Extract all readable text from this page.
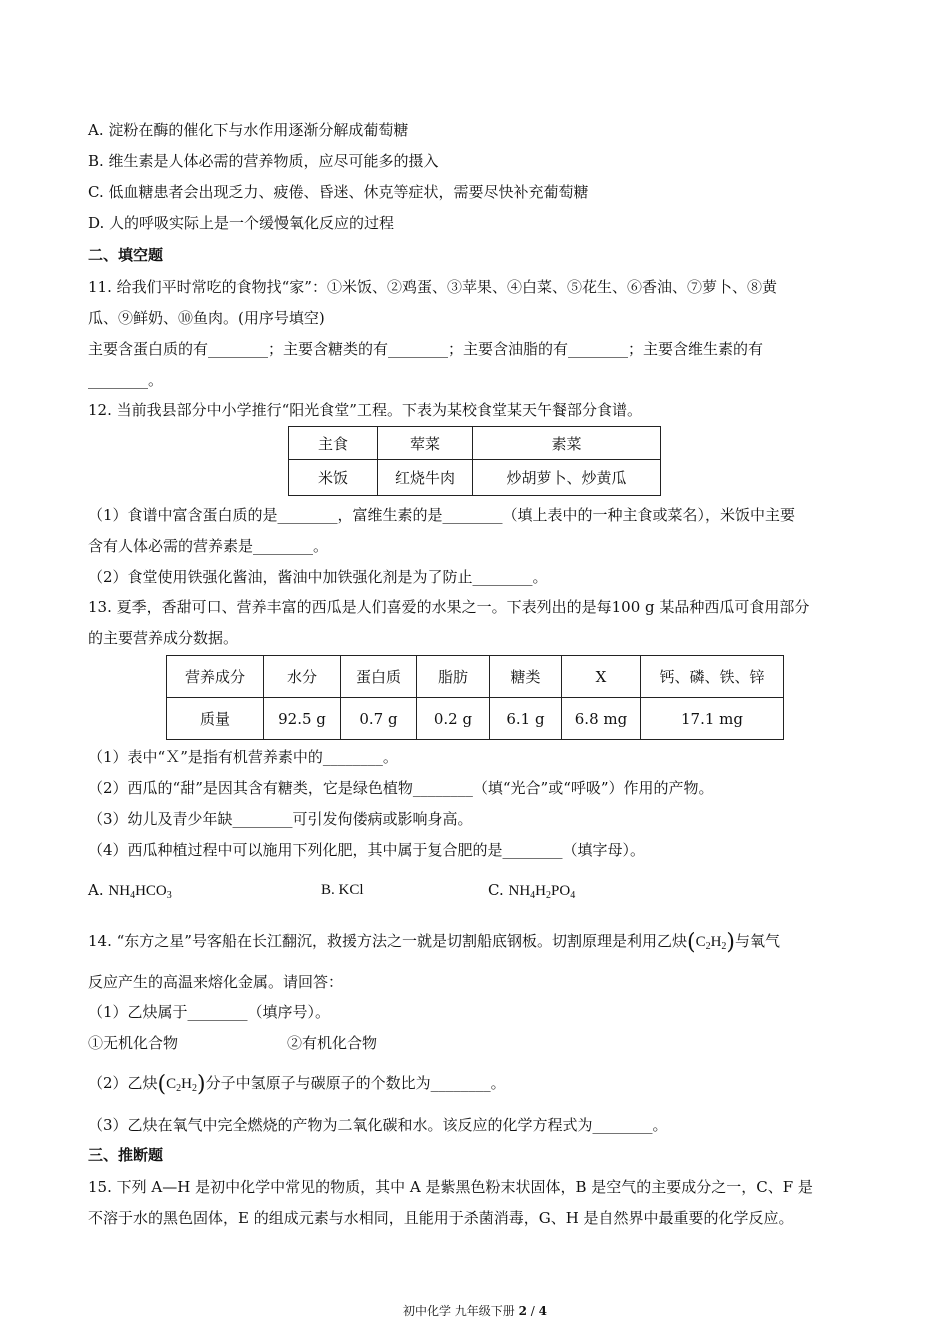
A. 淀粉在酶的催化下与水作用逐渐分解成葡萄糖
B. 维生素是人体必需的营养物质，应尽可能多的摄入
C. 低血糖患者会出现乏力、疲倦、昏迷、休克等症状，需要尽快补充葡萄糖
D. 人的呼吸实际上是一个缓慢氧化反应的过程
二、填空题
11. 给我们平时常吃的食物找“家”：①米饭、②鸡蛋、③苹果、④白菜、⑤花生、⑥香油、⑦萝卜、⑧黄
瓜、⑨鲜奶、⑩鱼肉。(用序号填空)
主要含蛋白质的有________；主要含糖类的有________；主要含油脂的有________；主要含维生素的有
________。
12. 当前我县部分中小学推行“阳光食堂”工程。下表为某校食堂某天午餐部分食谱。
主食	荤菜	素菜
米饭	红烧牛肉	炒胡萝卜、炒黄瓜
（1）食谱中富含蛋白质的是________，富维生素的是________（填上表中的一种主食或菜名），米饭中主要
含有人体必需的营养素是________。
（2）食堂使用铁强化酱油，酱油中加铁强化剂是为了防止________。
13. 夏季，香甜可口、营养丰富的西瓜是人们喜爱的水果之一。下表列出的是每100 g 某品种西瓜可食用部分
的主要营养成分数据。
营养成分	水分	蛋白质	脂肪	糖类	X	钙、磷、铁、锌
质量	92.5 g	0.7 g	0.2 g	6.1 g	6.8 mg	17.1 mg
（1）表中“Ｘ”是指有机营养素中的________。
（2）西瓜的“甜”是因其含有糖类，它是绿色植物________（填“光合”或“呼吸”）作用的产物。
（3）幼儿及青少年缺________可引发佝偻病或影响身高。
（4）西瓜种植过程中可以施用下列化肥，其中属于复合肥的是________（填字母）。
A. $NH_4HCO_3$	B. KCl	C. $NH_4H_2PO_4$
14. “东方之星”号客船在长江翻沉，救援方法之一就是切割船底钢板。切割原理是利用乙炔$(C_2H_2)$与氧气
反应产生的高温来熔化金属。请回答：
（1）乙炔属于________（填序号）。
①无机化合物	②有机化合物
（2）乙炔$(C_2H_2)$分子中氢原子与碳原子的个数比为________。
（3）乙炔在氧气中完全燃烧的产物为二氧化碳和水。该反应的化学方程式为________。
三、推断题
15. 下列 A—H 是初中化学中常见的物质，其中 A 是紫黑色粉末状固体，B 是空气的主要成分之一，C、F 是
不溶于水的黑色固体，E 的组成元素与水相同，且能用于杀菌消毒，G、H 是自然界中最重要的化学反应。
初中化学 九年级下册 2 / 4
